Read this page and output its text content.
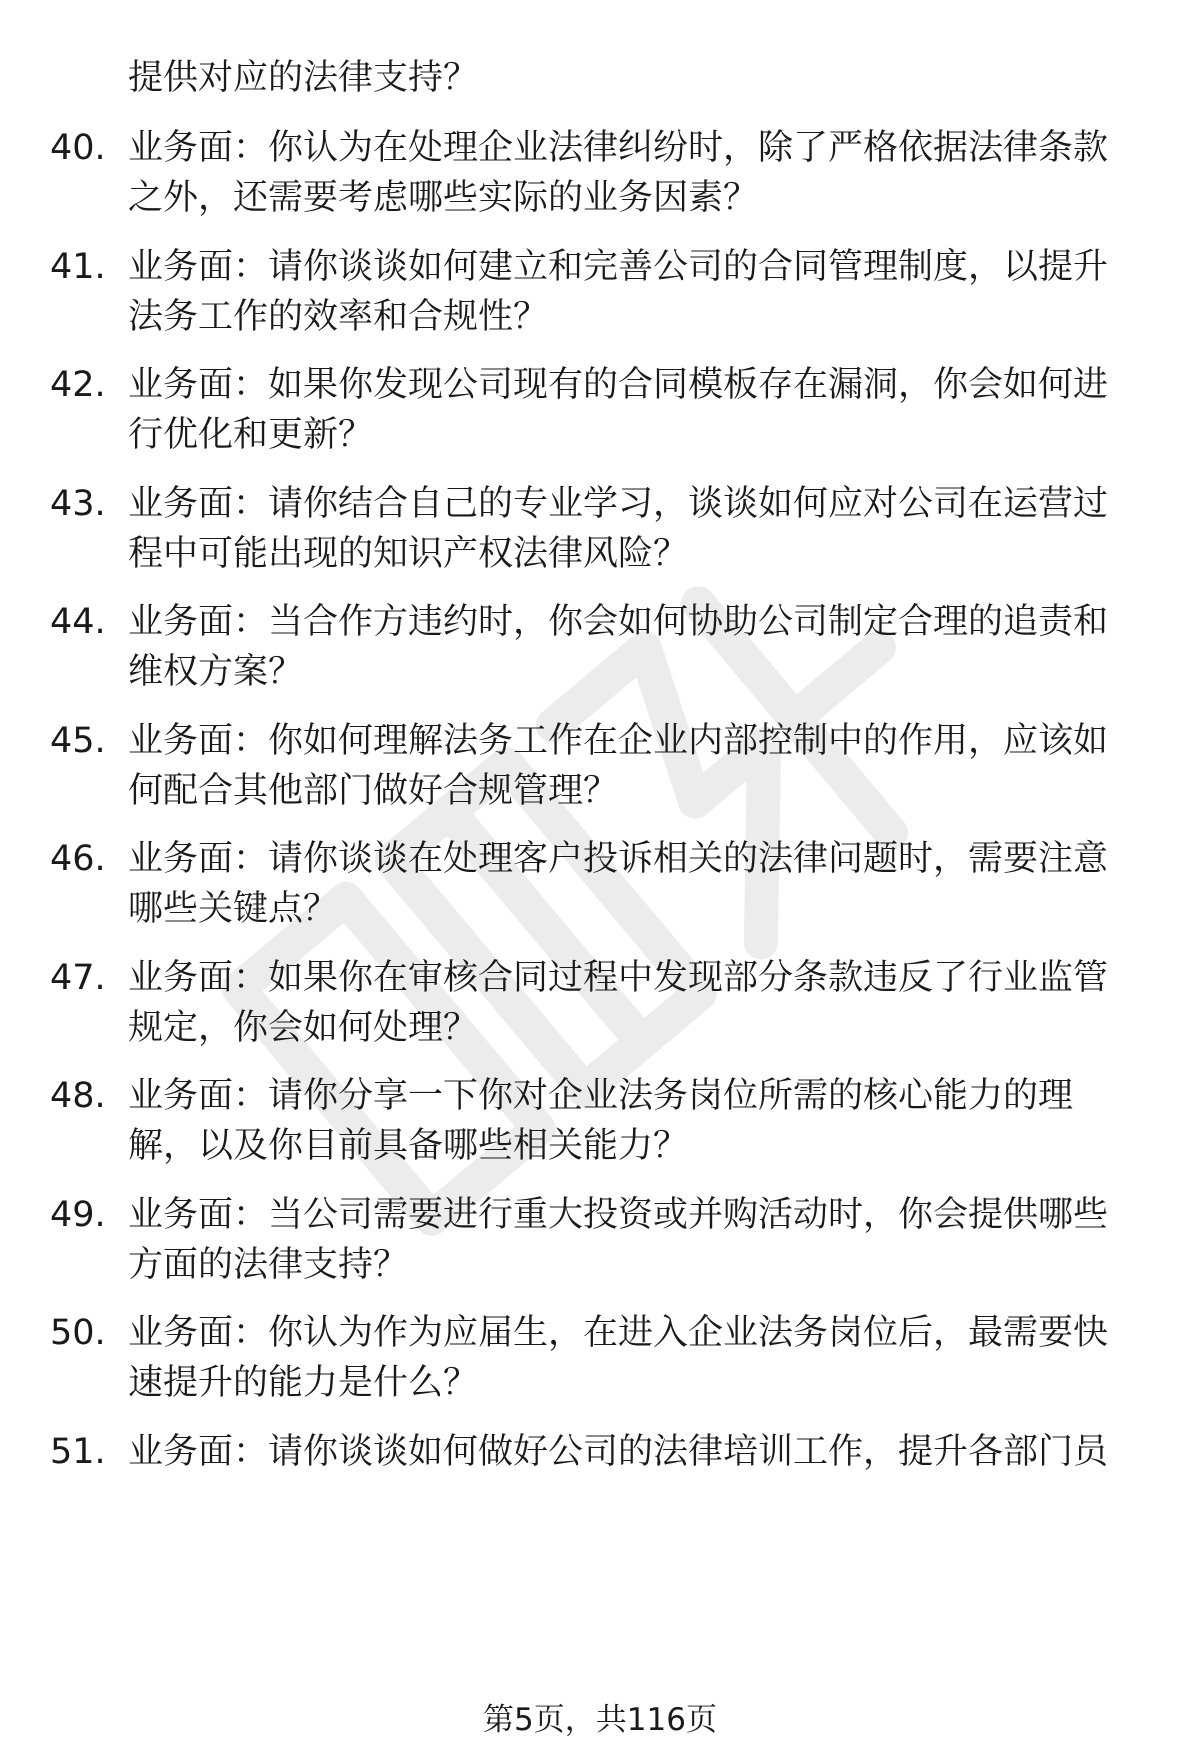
提供对应的法律支持？

40. 业务面：你认为在处理企业法律纠纷时，除了严格依据法律条款之外，还需要考虑哪些实际的业务因素？

41. 业务面：请你谈谈如何建立和完善公司的合同管理制度，以提升法务工作的效率和合规性？

42. 业务面：如果你发现公司现有的合同模板存在漏洞，你会如何进行优化和更新？

43. 业务面：请你结合自己的专业学习，谈谈如何应对公司在运营过程中可能出现的知识产权法律风险？

44. 业务面：当合作方违约时，你会如何协助公司制定合理的追责和维权方案？

45. 业务面：你如何理解法务工作在企业内部控制中的作用，应该如何配合其他部门做好合规管理？

46. 业务面：请你谈谈在处理客户投诉相关的法律问题时，需要注意哪些关键点？

47. 业务面：如果你在审核合同过程中发现部分条款违反了行业监管规定，你会如何处理？

48. 业务面：请你分享一下你对企业法务岗位所需的核心能力的理解，以及你目前具备哪些相关能力？

49. 业务面：当公司需要进行重大投资或并购活动时，你会提供哪些方面的法律支持？

50. 业务面：你认为作为应届生，在进入企业法务岗位后，最需要快速提升的能力是什么？

51. 业务面：请你谈谈如何做好公司的法律培训工作，提升各部门员

第5页，共116页
